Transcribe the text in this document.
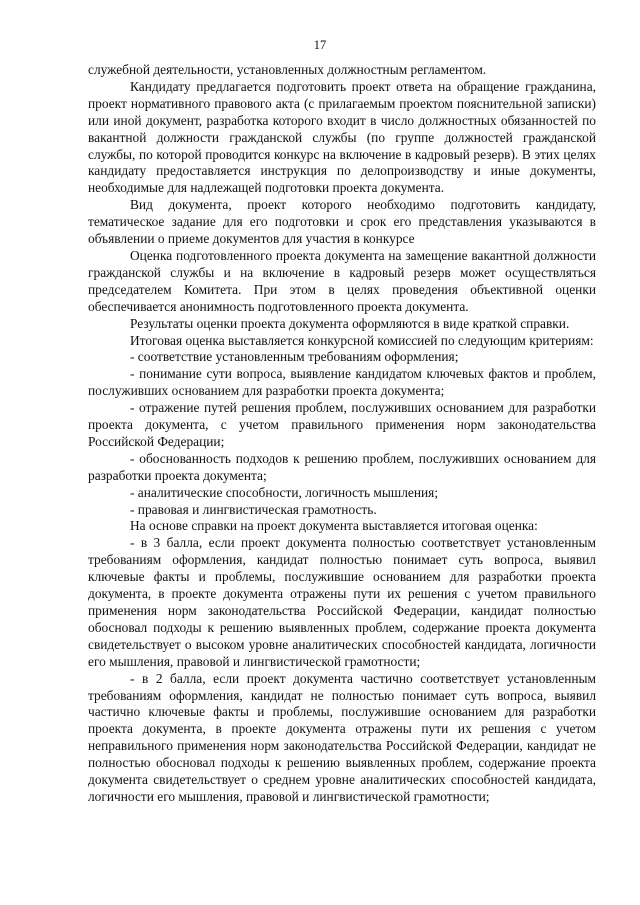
17

служебной деятельности, установленных должностным регламентом.

Кандидату предлагается подготовить проект ответа на обращение гражданина, проект нормативного правового акта (с прилагаемым проектом пояснительной записки) или иной документ, разработка которого входит в число должностных обязанностей по вакантной должности гражданской службы (по группе должностей гражданской службы, по которой проводится конкурс на включение в кадровый резерв). В этих целях кандидату предоставляется инструкция по делопроизводству и иные документы, необходимые для надлежащей подготовки проекта документа.

Вид документа, проект которого необходимо подготовить кандидату, тематическое задание для его подготовки и срок его представления указываются в объявлении о приеме документов для участия в конкурсе

Оценка подготовленного проекта документа на замещение вакантной должности гражданской службы и на включение в кадровый резерв может осуществляться председателем Комитета. При этом в целях проведения объективной оценки обеспечивается анонимность подготовленного проекта документа.

Результаты оценки проекта документа оформляются в виде краткой справки.

Итоговая оценка выставляется конкурсной комиссией по следующим критериям:

- соответствие установленным требованиям оформления;

- понимание сути вопроса, выявление кандидатом ключевых фактов и проблем, послуживших основанием для разработки проекта документа;

- отражение путей решения проблем, послуживших основанием для разработки проекта документа, с учетом правильного применения норм законодательства Российской Федерации;

- обоснованность подходов к решению проблем, послуживших основанием для разработки проекта документа;

- аналитические способности, логичность мышления;

- правовая и лингвистическая грамотность.

На основе справки на проект документа выставляется итоговая оценка:

- в 3 балла, если проект документа полностью соответствует установленным требованиям оформления, кандидат полностью понимает суть вопроса, выявил ключевые факты и проблемы, послужившие основанием для разработки проекта документа, в проекте документа отражены пути их решения с учетом правильного применения норм законодательства Российской Федерации, кандидат полностью обосновал подходы к решению выявленных проблем, содержание проекта документа свидетельствует о высоком уровне аналитических способностей кандидата, логичности его мышления, правовой и лингвистической грамотности;

- в 2 балла, если проект документа частично соответствует установленным требованиям оформления, кандидат не полностью понимает суть вопроса, выявил частично ключевые факты и проблемы, послужившие основанием для разработки проекта документа, в проекте документа отражены пути их решения с учетом неправильного применения норм законодательства Российской Федерации, кандидат не полностью обосновал подходы к решению выявленных проблем, содержание проекта документа свидетельствует о среднем уровне аналитических способностей кандидата, логичности его мышления, правовой и лингвистической грамотности;
